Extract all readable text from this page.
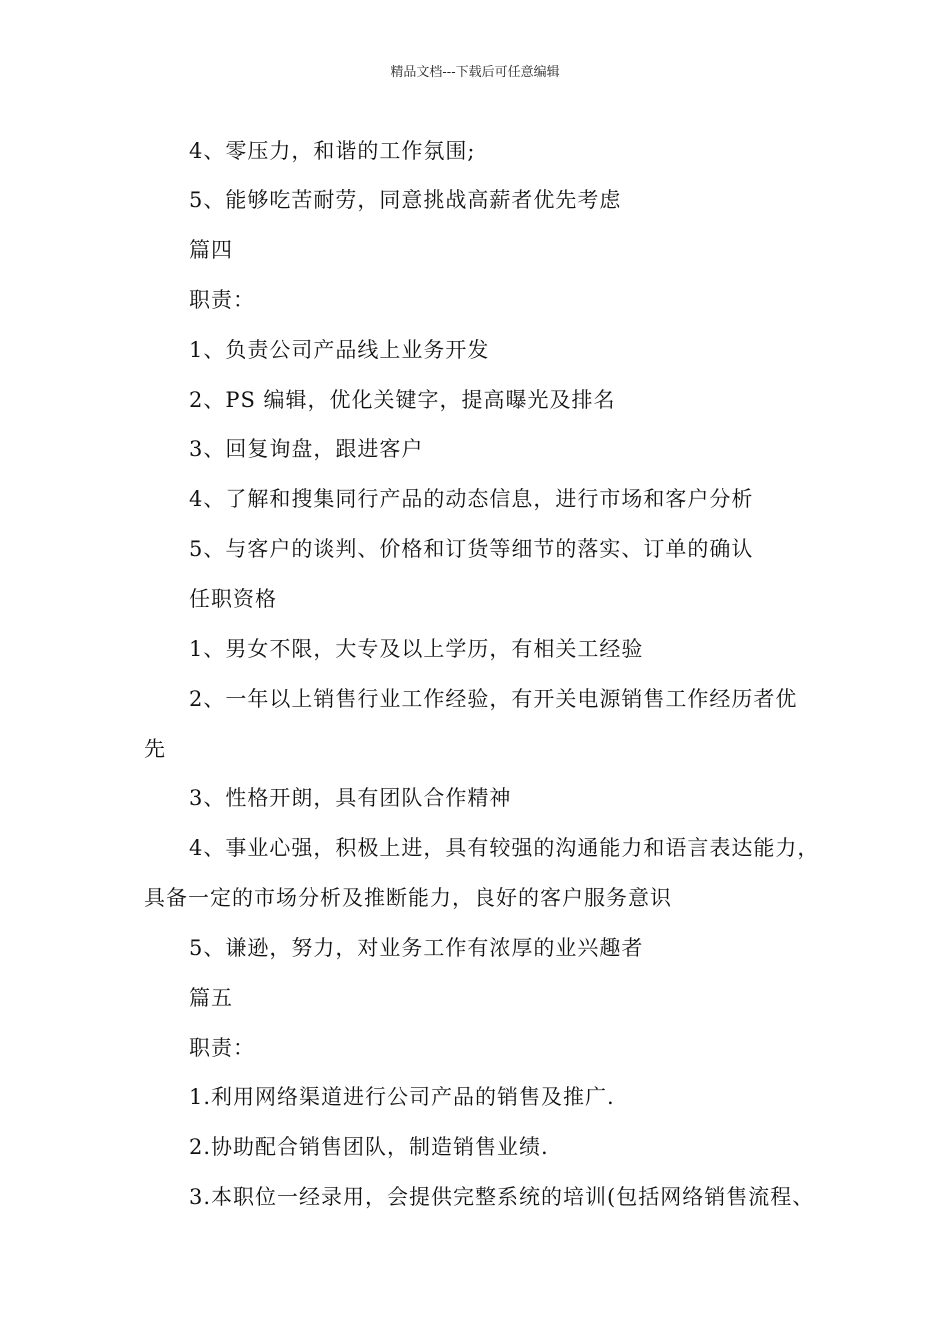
精品文档---下载后可任意编辑
4、零压力，和谐的工作氛围;
5、能够吃苦耐劳，同意挑战高薪者优先考虑
篇四
职责：
1、负责公司产品线上业务开发
2、PS 编辑，优化关键字，提高曝光及排名
3、回复询盘，跟进客户
4、了解和搜集同行产品的动态信息，进行市场和客户分析
5、与客户的谈判、价格和订货等细节的落实、订单的确认
任职资格
1、男女不限，大专及以上学历，有相关工经验
2、一年以上销售行业工作经验，有开关电源销售工作经历者优
先
3、性格开朗，具有团队合作精神
4、事业心强，积极上进，具有较强的沟通能力和语言表达能力，
具备一定的市场分析及推断能力，良好的客户服务意识
5、谦逊，努力，对业务工作有浓厚的业兴趣者
篇五
职责：
1.利用网络渠道进行公司产品的销售及推广.
2.协助配合销售团队，制造销售业绩.
3.本职位一经录用，会提供完整系统的培训(包括网络销售流程、
